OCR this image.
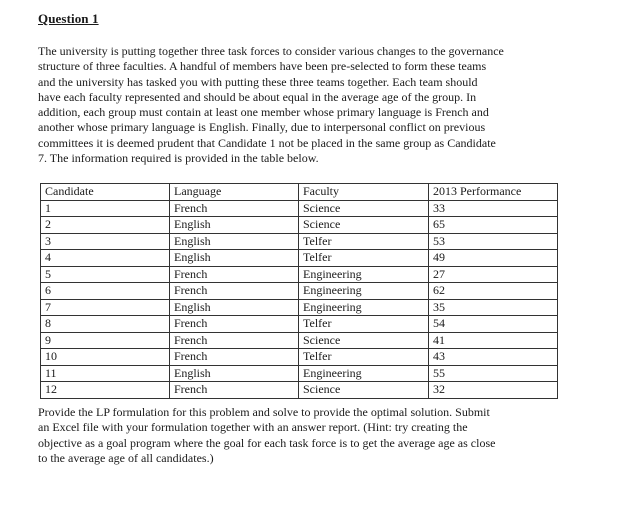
Question 1

The university is putting together three task forces to consider various changes to the governance
structure of three faculties. A handful of members have been pre-selected to form these teams
and the university has tasked you with putting these three teams together. Each team should
have each faculty represented and should be about equal in the average age of the group. In
addition, each group must contain at least one member whose primary language is French and
another whose primary language is English. Finally, due to interpersonal conflict on previous
committees it is deemed prudent that Candidate 1 not be placed in the same group as Candidate
7. The information required is provided in the table below.

Candidate	Language	Faculty	2013 Performance
1	French	Science	33
2	English	Science	65
3	English	Telfer	53
4	English	Telfer	49
5	French	Engineering	27
6	French	Engineering	62
7	English	Engineering	35
8	French	Telfer	54
9	French	Science	41
10	French	Telfer	43
11	English	Engineering	55
12	French	Science	32

Provide the LP formulation for this problem and solve to provide the optimal solution. Submit
an Excel file with your formulation together with an answer report. (Hint: try creating the
objective as a goal program where the goal for each task force is to get the average age as close
to the average age of all candidates.)
